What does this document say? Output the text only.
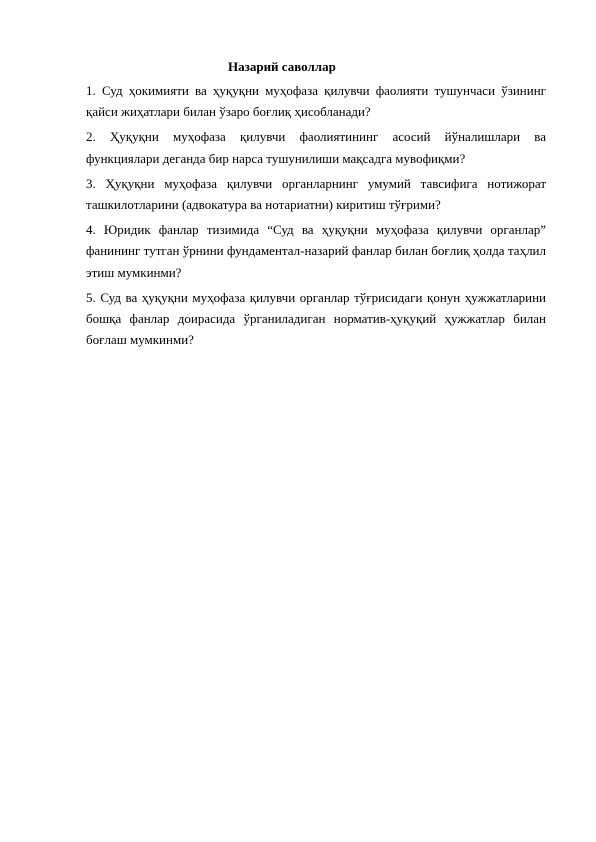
Назарий саволлар
1. Суд ҳокимияти ва ҳуқуқни муҳофаза қилувчи фаолияти тушунчаси ўзининг қайси жиҳатлари билан ўзаро боғлиқ ҳисобланади?
2. Ҳуқуқни муҳофаза қилувчи фаолиятининг асосий йўналишлари ва функциялари деганда бир нарса тушунилиши мақсадга мувофиқми?
3. Ҳуқуқни муҳофаза қилувчи органларнинг умумий тавсифига нотижорат ташкилотларини (адвокатура ва нотариатни) киритиш тўғрими?
4. Юридик фанлар тизимида “Суд ва ҳуқуқни муҳофаза қилувчи органлар” фанининг тутган ўрнини фундаментал-назарий фанлар билан боғлиқ ҳолда таҳлил этиш мумкинми?
5. Суд ва ҳуқуқни муҳофаза қилувчи органлар тўғрисидаги қонун ҳужжатларини бошқа фанлар доирасида ўрганиладиган норматив-ҳуқуқий ҳужжатлар билан боғлаш мумкинми?
